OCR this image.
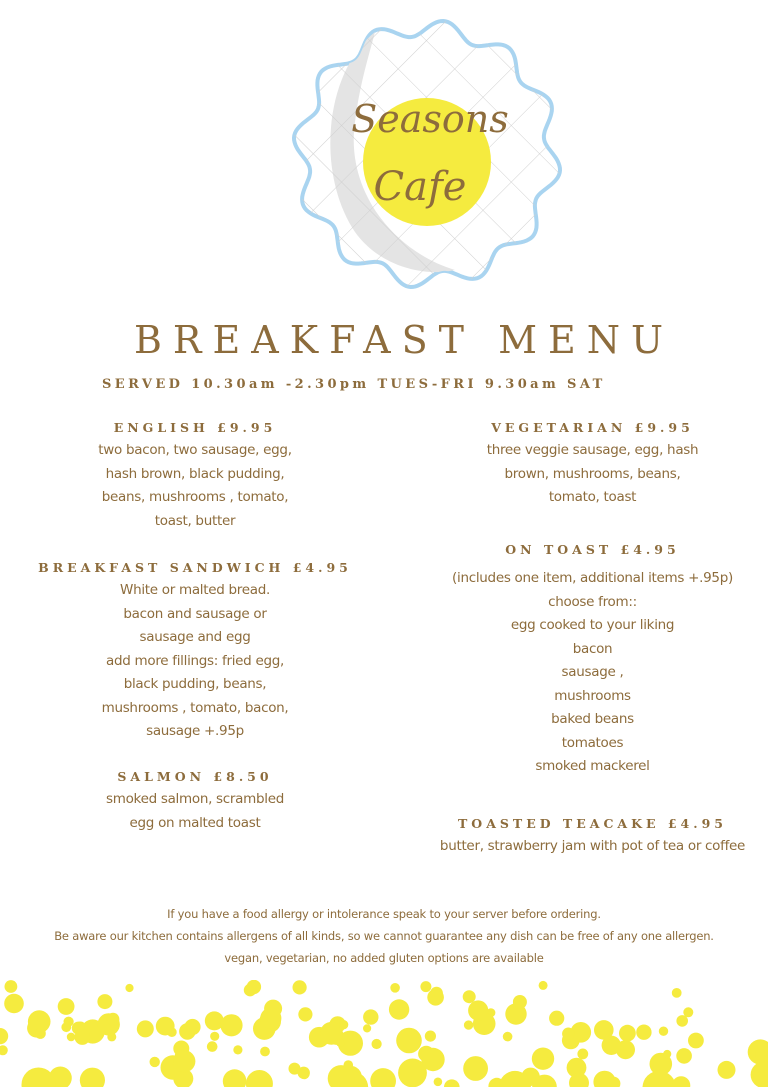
Seasons
Cafe
BREAKFAST MENU
SERVED 10.30am -2.30pm TUES-FRI 9.30am SAT
ENGLISH £9.95

two bacon, two sausage, egg,
hash brown, black pudding,
beans, mushrooms , tomato,
toast, butter

BREAKFAST SANDWICH £4.95

White or malted bread.
bacon and sausage or
sausage and egg
add more fillings: fried egg,
black pudding, beans,
mushrooms , tomato, bacon,
sausage +.95p

SALMON £8.50

smoked salmon, scrambled
egg on malted toast

VEGETARIAN £9.95

three veggie sausage, egg, hash
brown, mushrooms, beans,
tomato, toast

ON TOAST £4.95

(includes one item, additional items +.95p)
choose from::
egg cooked to your liking
bacon
sausage ,
mushrooms
baked beans
tomatoes
smoked mackerel

TOASTED TEACAKE £4.95

butter, strawberry jam with pot of tea or coffee

If you have a food allergy or intolerance speak to your server before ordering.
Be aware our kitchen contains allergens of all kinds, so we cannot guarantee any dish can be free of any one allergen.
vegan, vegetarian, no added gluten options are available
